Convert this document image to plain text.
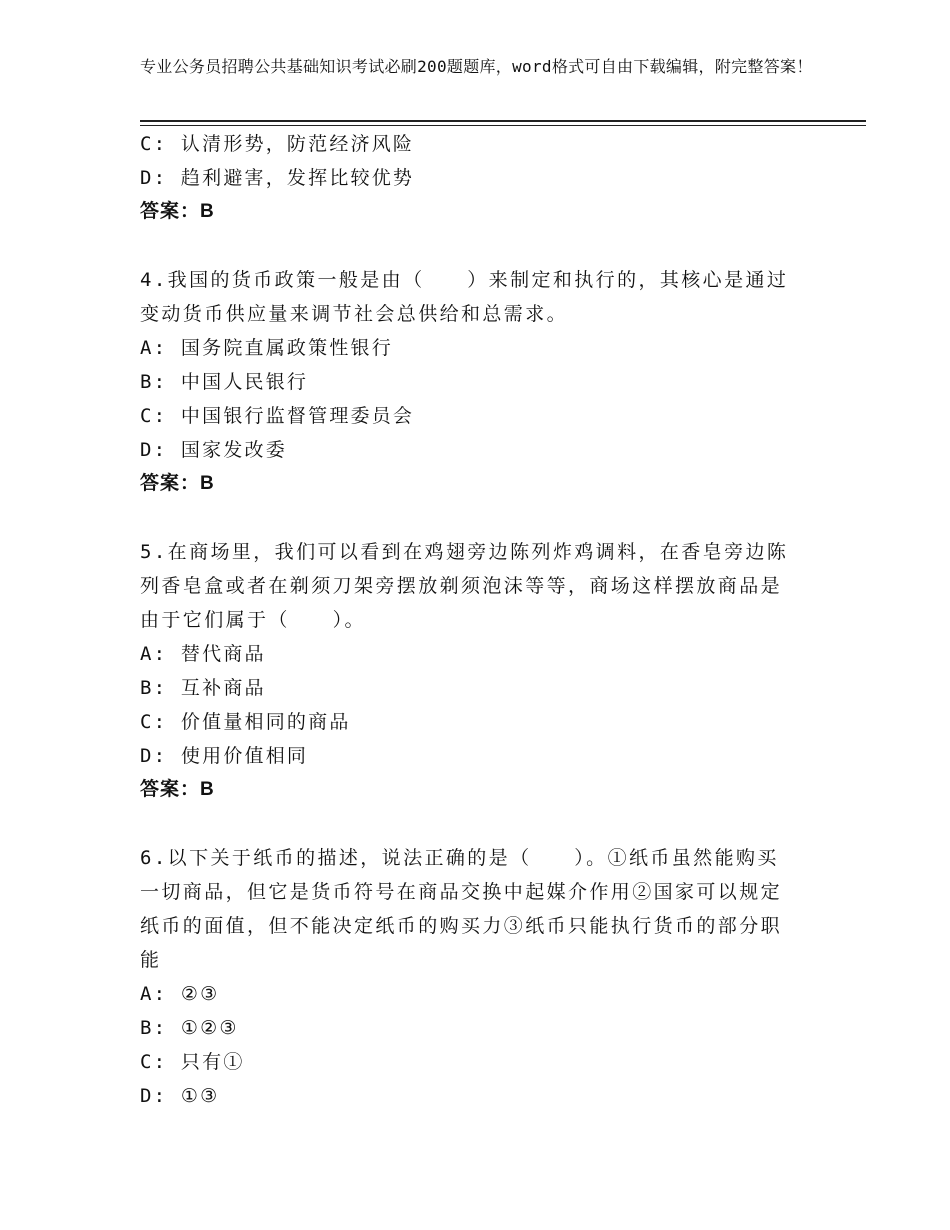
专业公务员招聘公共基础知识考试必刷200题题库，word格式可自由下载编辑，附完整答案！
C: 认清形势，防范经济风险
D: 趋利避害，发挥比较优势
答案：B
4.我国的货币政策一般是由（　　）来制定和执行的，其核心是通过变动货币供应量来调节社会总供给和总需求。
A: 国务院直属政策性银行
B: 中国人民银行
C: 中国银行监督管理委员会
D: 国家发改委
答案：B
5.在商场里，我们可以看到在鸡翅旁边陈列炸鸡调料，在香皂旁边陈列香皂盒或者在剃须刀架旁摆放剃须泡沫等等，商场这样摆放商品是由于它们属于（　　）。
A: 替代商品
B: 互补商品
C: 价值量相同的商品
D: 使用价值相同
答案：B
6.以下关于纸币的描述，说法正确的是（　　）。①纸币虽然能购买一切商品，但它是货币符号在商品交换中起媒介作用②国家可以规定纸币的面值，但不能决定纸币的购买力③纸币只能执行货币的部分职能
A: ②③
B: ①②③
C: 只有①
D: ①③
